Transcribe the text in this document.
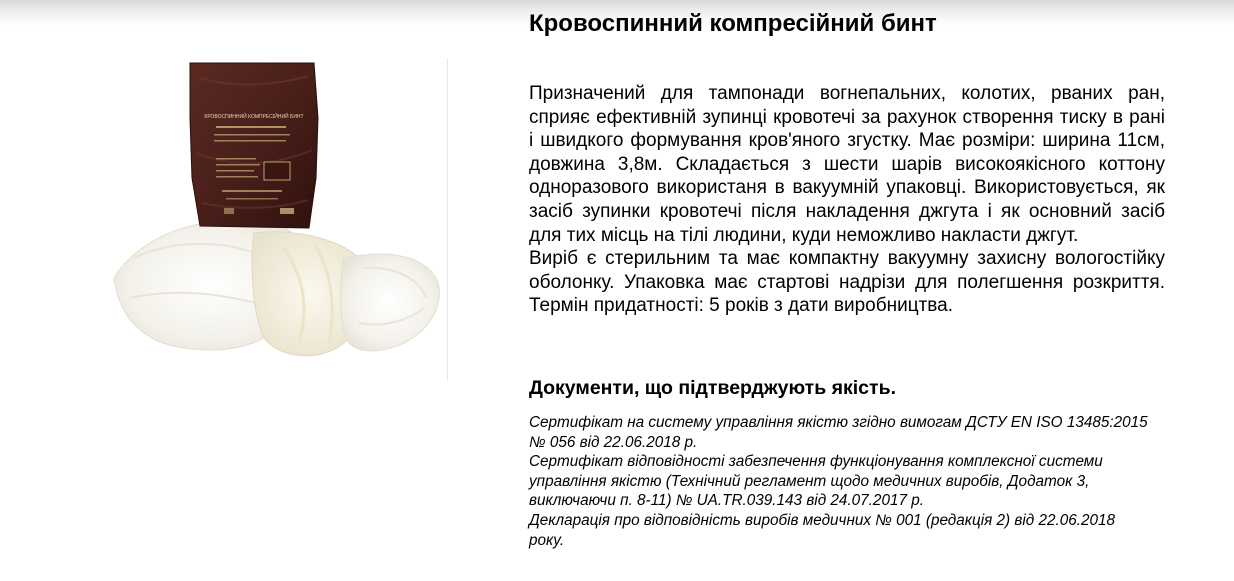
КРОВОСПИННИЙ КОМПРЕСІЙНИЙ БИНТ
Кровоспинний компресійний бинт

Призначений для тампонади вогнепальних, колотих, рваних ран, сприяє ефективній зупинці кровотечі за рахунок створення тиску в рані і швидкого формування кров'яного згустку. Має розміри: ширина 11см, довжина 3,8м. Складається з шести шарів високоякісного коттону одноразового використаня в вакуумній упаковці. Використовується, як засіб зупинки кровотечі після накладення джгута і як основний засіб для тих місць на тілі людини, куди неможливо накласти джгут.

Виріб є стерильним та має компактну вакуумну захисну вологостійку оболонку. Упаковка має стартові надрізи для полегшення розкриття. Термін придатності: 5 років з дати виробництва.

Документи, що підтверджують якість.

Сертифікат на систему управління якістю згідно вимогам ДСТУ EN ISO 13485:2015 № 056 від 22.06.2018 р.

Сертифікат відповідності забезпечення функціонування комплексної системи управління якістю (Технічний регламент щодо медичних виробів, Додаток 3, виключаючи п. 8-11) № UA.TR.039.143 від 24.07.2017 р.

Декларація про відповідність виробів медичних № 001 (редакція 2) від 22.06.2018 року.
